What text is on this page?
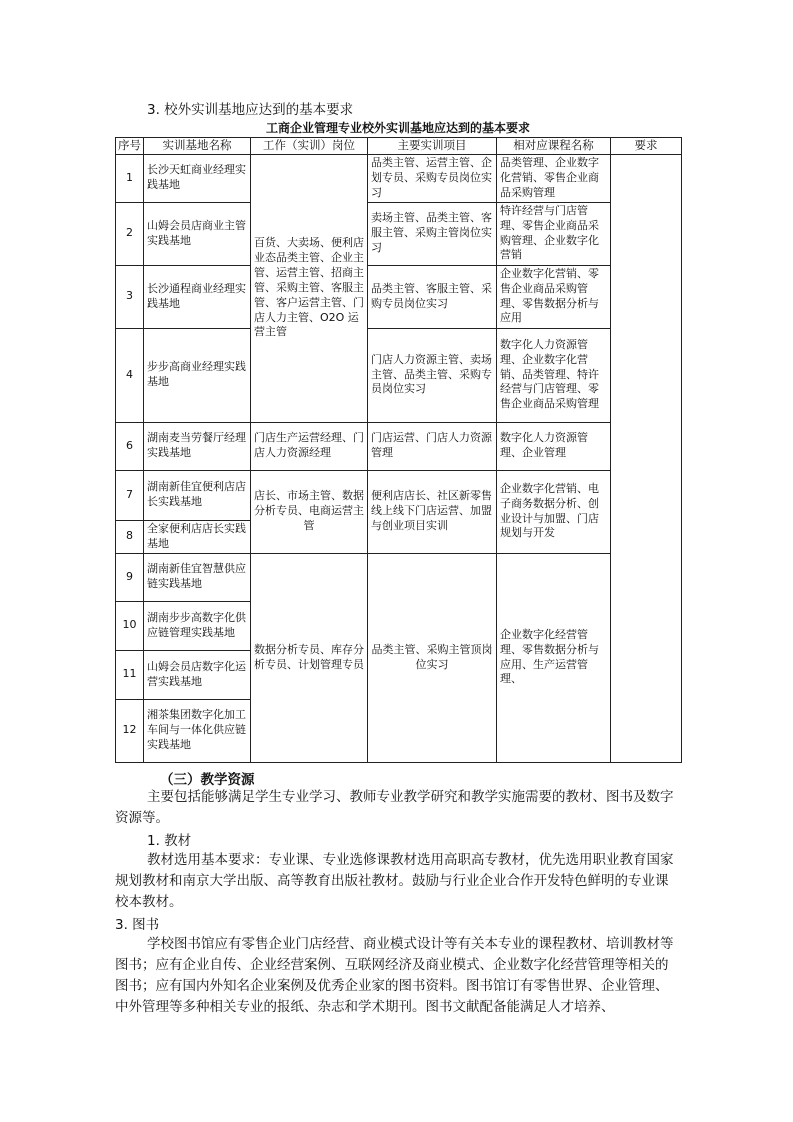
3. 校外实训基地应达到的基本要求
工商企业管理专业校外实训基地应达到的基本要求
序号	实训基地名称	工作（实训）岗位	主要实训项目	相对应课程名称	要求
1	长沙天虹商业经理实践基地	百货、大卖场、便利店业态品类主管、企业主管、运营主管、招商主管、采购主管、客服主管、客户运营主管、门店人力主管、O2O 运营主管	品类主管、运营主管、企划专员、采购专员岗位实习	品类管理、企业数字化营销、零售企业商品采购管理	
2	山姆会员店商业主管实践基地		卖场主管、品类主管、客服主管、采购主管岗位实习	特许经营与门店管理、零售企业商品采购管理、企业数字化营销	
3	长沙通程商业经理实践基地		品类主管、客服主管、采购专员岗位实习	企业数字化营销、零售企业商品采购管理、零售数据分析与应用	
4	步步高商业经理实践基地		门店人力资源主管、卖场主管、品类主管、采购专员岗位实习	数字化人力资源管理、企业数字化营销、品类管理、特许经营与门店管理、零售企业商品采购管理	
6	湖南麦当劳餐厅经理实践基地	门店生产运营经理、门店人力资源经理	门店运营、门店人力资源管理	数字化人力资源管理、企业管理	
7	湖南新佳宜便利店店长实践基地	店长、市场主管、数据分析专员、电商运营主管	便利店店长、社区新零售线上线下门店运营、加盟与创业项目实训	企业数字化营销、电子商务数据分析、创业设计与加盟、门店规划与开发	
8	全家便利店店长实践基地				
9	湖南新佳宜智慧供应链实践基地	数据分析专员、库存分析专员、计划管理专员	品类主管、采购主管顶岗位实习	企业数字化经营管理、零售数据分析与应用、生产运营管理、	
10	湖南步步高数字化供应链管理实践基地				
11	山姆会员店数字化运营实践基地				
12	湘茶集团数字化加工车间与一体化供应链实践基地				
（三）教学资源

主要包括能够满足学生专业学习、教师专业教学研究和教学实施需要的教材、图书及数字资源等。

1. 教材

教材选用基本要求：专业课、专业选修课教材选用高职高专教材，优先选用职业教育国家规划教材和南京大学出版、高等教育出版社教材。鼓励与行业企业合作开发特色鲜明的专业课校本教材。

3. 图书

学校图书馆应有零售企业门店经营、商业模式设计等有关本专业的课程教材、培训教材等图书；应有企业自传、企业经营案例、互联网经济及商业模式、企业数字化经营管理等相关的图书；应有国内外知名企业案例及优秀企业家的图书资料。图书馆订有零售世界、企业管理、中外管理等多种相关专业的报纸、杂志和学术期刊。图书文献配备能满足人才培养、
